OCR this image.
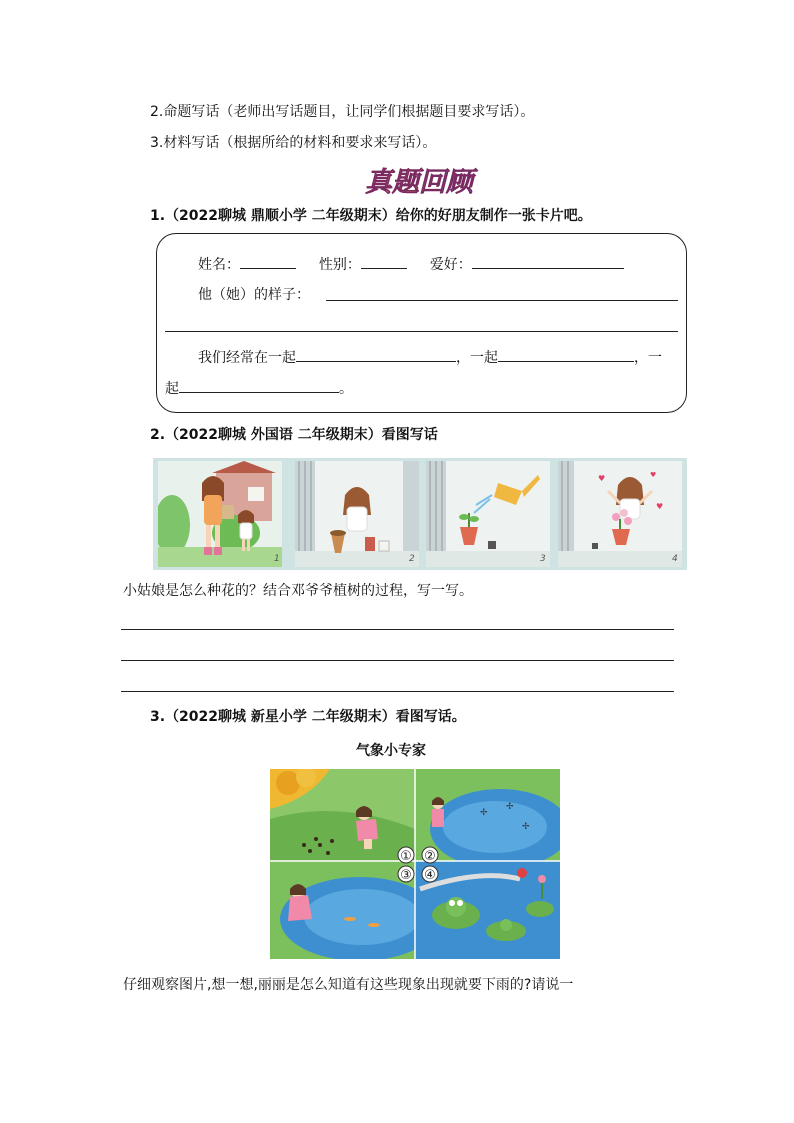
2.命题写话（老师出写话题目，让同学们根据题目要求写话）。
3.材料写话（根据所给的材料和要求来写话）。
真题回顾
1.（2022聊城 鼎顺小学 二年级期末）给你的好朋友制作一张卡片吧。
姓名：	性别：	爱好：
他（她）的样子：
我们经常在一起	，一起	，一
起	。
2.（2022聊城 外国语 二年级期末）看图写话
1	2	3
♥
♥
♥
4
小姑娘是怎么种花的？结合邓爷爷植树的过程，写一写。
3.（2022聊城 新星小学 二年级期末）看图写话。
气象小专家
✢
✢
✢
① ②
③ ④
仔细观察图片,想一想,丽丽是怎么知道有这些现象出现就要下雨的?请说一
